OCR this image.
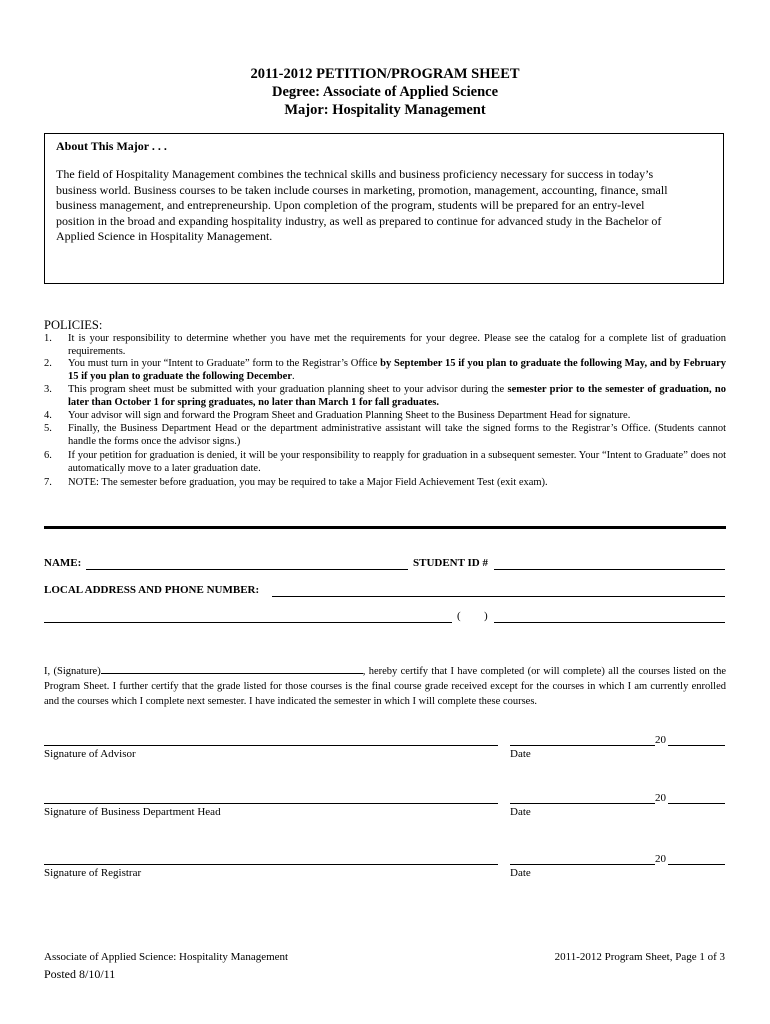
2011-2012 PETITION/PROGRAM SHEET
Degree: Associate of Applied Science
Major: Hospitality Management
About This Major . . .
The field of Hospitality Management combines the technical skills and business proficiency necessary for success in today’s
business world. Business courses to be taken include courses in marketing, promotion, management, accounting, finance, small
business management, and entrepreneurship. Upon completion of the program, students will be prepared for an entry-level
position in the broad and expanding hospitality industry, as well as prepared to continue for advanced study in the Bachelor of
Applied Science in Hospitality Management.
POLICIES:
1.	It is your responsibility to determine whether you have met the requirements for your degree. Please see the catalog for a complete list of graduation requirements.
2.	You must turn in your “Intent to Graduate” form to the Registrar’s Office by September 15 if you plan to graduate the following May, and by February 15 if you plan to graduate the following December.
3.	This program sheet must be submitted with your graduation planning sheet to your advisor during the semester prior to the semester of graduation, no later than October 1 for spring graduates, no later than March 1 for fall graduates.
4.	Your advisor will sign and forward the Program Sheet and Graduation Planning Sheet to the Business Department Head for signature.
5.	Finally, the Business Department Head or the department administrative assistant will take the signed forms to the Registrar’s Office. (Students cannot handle the forms once the advisor signs.)
6.	If your petition for graduation is denied, it will be your responsibility to reapply for graduation in a subsequent semester. Your “Intent to Graduate” does not automatically move to a later graduation date.
7.	NOTE: The semester before graduation, you may be required to take a Major Field Achievement Test (exit exam).
NAME:	STUDENT ID #
LOCAL ADDRESS AND PHONE NUMBER:
( )
I, (Signature)	, hereby certify that I have completed (or will complete) all the courses listed on the Program Sheet. I further certify that the grade listed for those courses is the final course grade received except for the courses in which I am currently enrolled and the courses which I complete next semester. I have indicated the semester in which I will complete these courses.
Signature of Advisor
20
Date
Signature of Business Department Head
20
Date
Signature of Registrar
20
Date
Associate of Applied Science: Hospitality Management	2011-2012 Program Sheet, Page 1 of 3
Posted 8/10/11
